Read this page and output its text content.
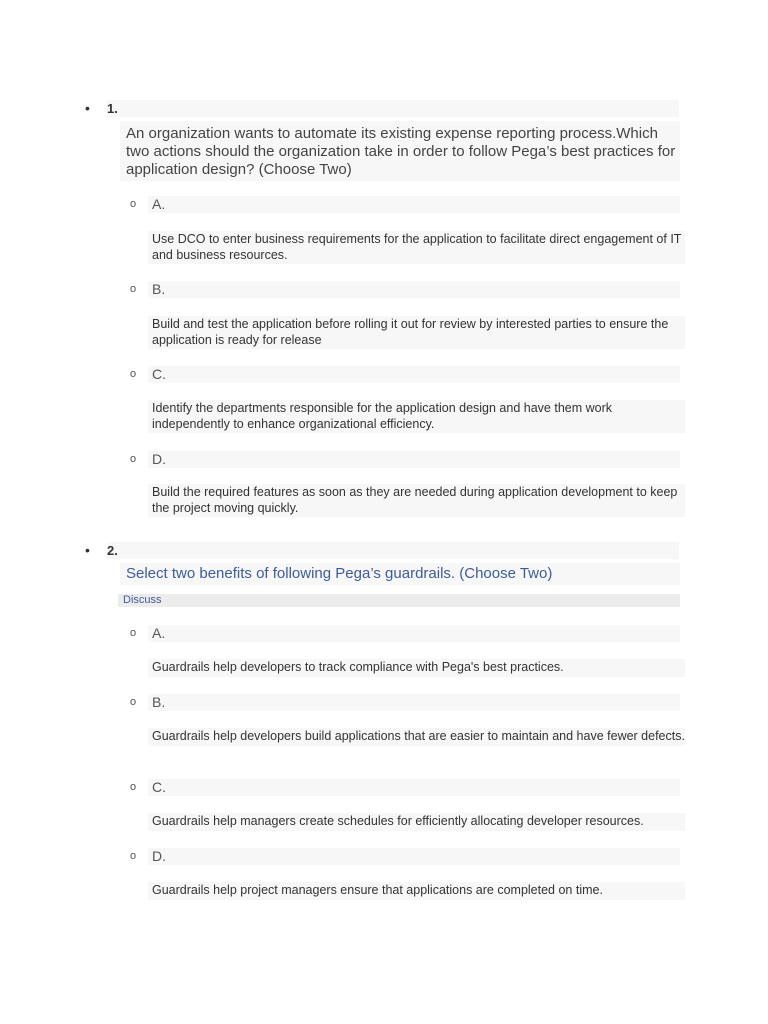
• 1.
An organization wants to automate its existing expense reporting process.Which two actions should the organization take in order to follow Pega’s best practices for application design? (Choose Two)
o A.
Use DCO to enter business requirements for the application to facilitate direct engagement of IT and business resources.
o B.
Build and test the application before rolling it out for review by interested parties to ensure the application is ready for release
o C.
Identify the departments responsible for the application design and have them work independently to enhance organizational efficiency.
o D.
Build the required features as soon as they are needed during application development to keep the project moving quickly.
• 2.
Select two benefits of following Pega’s guardrails. (Choose Two)
Discuss
o A.
Guardrails help developers to track compliance with Pega's best practices.
o B.
Guardrails help developers build applications that are easier to maintain and have fewer defects.
o C.
Guardrails help managers create schedules for efficiently allocating developer resources.
o D.
Guardrails help project managers ensure that applications are completed on time.
